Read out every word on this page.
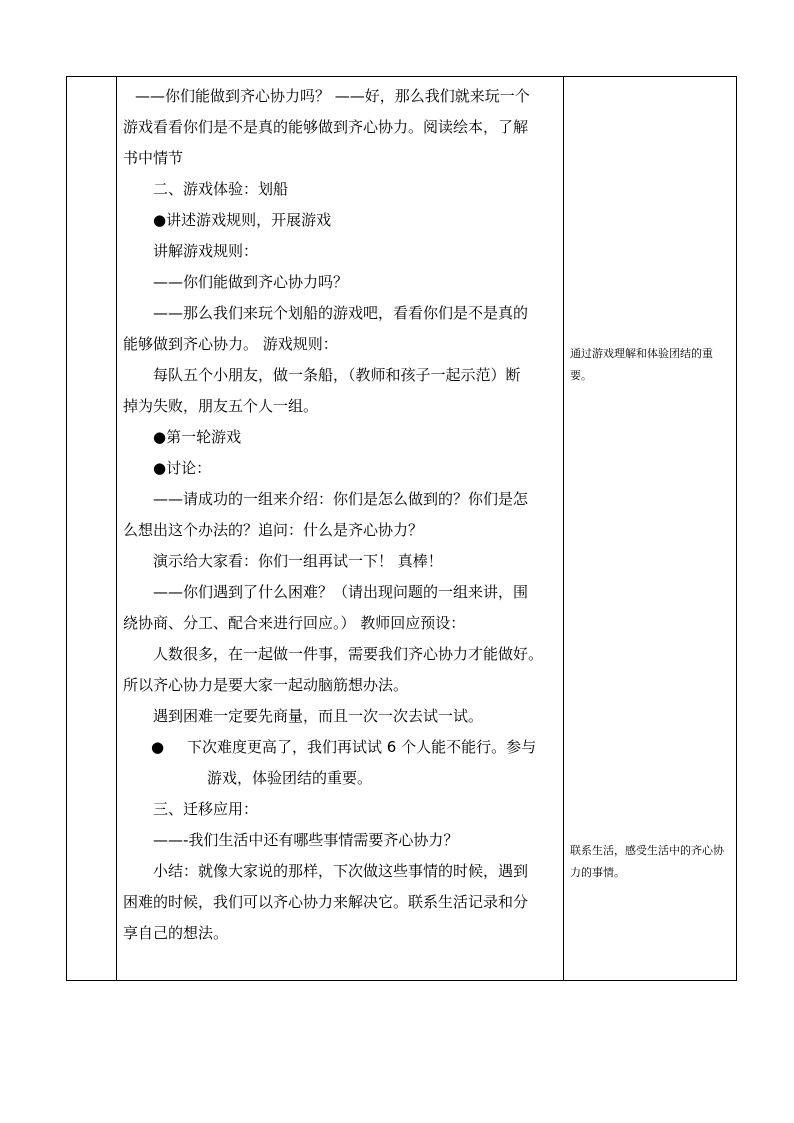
——你们能做到齐心协力吗？ ——好，那么我们就来玩一个

游戏看看你们是不是真的能够做到齐心协力。阅读绘本，了解

书中情节

二、游戏体验：划船

●讲述游戏规则，开展游戏

讲解游戏规则：

——你们能做到齐心协力吗？

——那么我们来玩个划船的游戏吧，看看你们是不是真的

能够做到齐心协力。 游戏规则：

每队五个小朋友，做一条船，（教师和孩子一起示范）断

掉为失败，朋友五个人一组。

●第一轮游戏

●讨论：

——请成功的一组来介绍：你们是怎么做到的？你们是怎

么想出这个办法的？追问：什么是齐心协力？

演示给大家看：你们一组再试一下！ 真棒！

——你们遇到了什么困难？（请出现问题的一组来讲，围

绕协商、分工、配合来进行回应。） 教师回应预设：

人数很多，在一起做一件事，需要我们齐心协力才能做好。

所以齐心协力是要大家一起动脑筋想办法。

遇到困难一定要先商量，而且一次一次去试一试。

●	下次难度更高了，我们再试试 6 个人能不能行。参与
游戏，体验团结的重要。

三、迁移应用：

——-我们生活中还有哪些事情需要齐心协力？

小结：就像大家说的那样，下次做这些事情的时候，遇到

困难的时候，我们可以齐心协力来解决它。联系生活记录和分

享自己的想法。

通过游戏理解和体验团结的重要。
联系生活，感受生活中的齐心协力的事情。
